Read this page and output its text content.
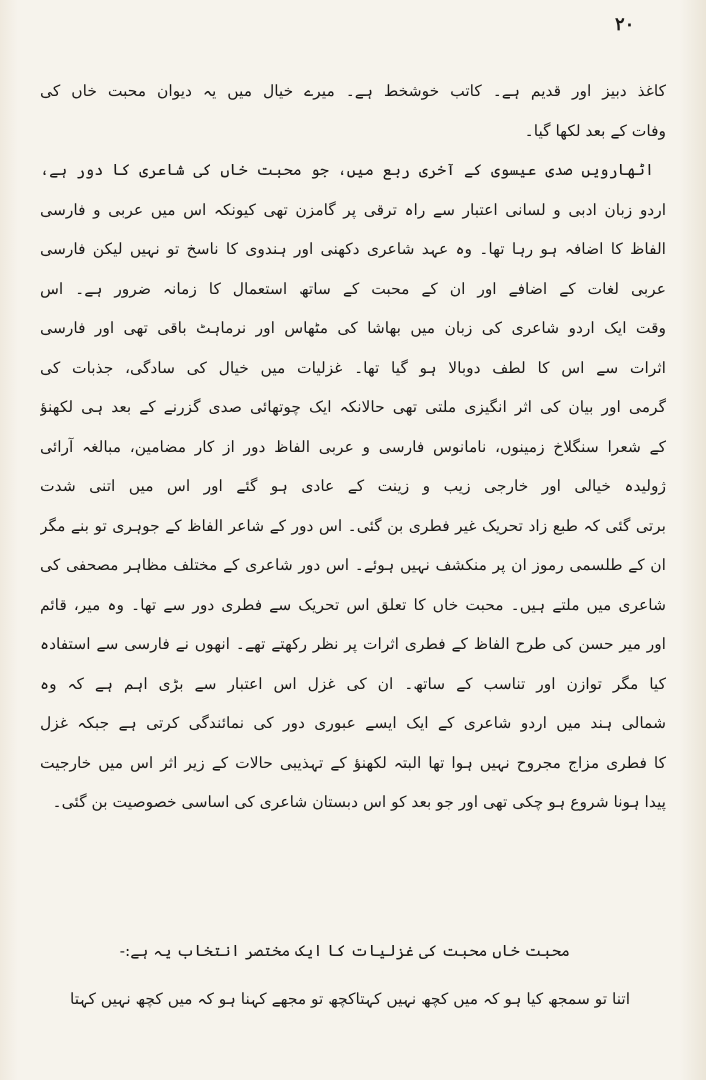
۲۰
کاغذ دبیز اور قدیم ہے۔ کاتب خوشخط ہے۔ میرے خیال میں یہ دیوان محبت خاں کی
وفات کے بعد لکھا گیا۔
اٹھارویں صدی عیسوی کے آخری ربع میں، جو محبت خاں کی شاعری کا دور ہے،
اردو زبان ادبی و لسانی اعتبار سے راہ ترقی پر گامزن تھی کیونکہ اس میں عربی و فارسی
الفاظ کا اضافہ ہو رہا تھا۔ وہ عہد شاعری دکھنی اور ہندوی کا ناسخ تو نہیں لیکن فارسی
عربی لغات کے اضافے اور ان کے محبت کے ساتھ استعمال کا زمانہ ضرور ہے۔ اس
وقت ایک اردو شاعری کی زبان میں بھاشا کی مٹھاس اور نرماہٹ باقی تھی اور فارسی
اثرات سے اس کا لطف دوبالا ہو گیا تھا۔ غزلیات میں خیال کی سادگی، جذبات کی
گرمی اور بیان کی اثر انگیزی ملتی تھی حالانکہ ایک چوتھائی صدی گزرنے کے بعد ہی لکھنؤ
کے شعرا سنگلاخ زمینوں، نامانوس فارسی و عربی الفاظ دور از کار مضامین، مبالغہ آرائی
ژولیدہ خیالی اور خارجی زیب و زینت کے عادی ہو گئے اور اس میں اتنی شدت
برتی گئی کہ طبع زاد تحریک غیر فطری بن گئی۔ اس دور کے شاعر الفاظ کے جوہری تو بنے مگر
ان کے طلسمی رموز ان پر منکشف نہیں ہوئے۔ اس دور شاعری کے مختلف مظاہر مصحفی کی
شاعری میں ملتے ہیں۔ محبت خاں کا تعلق اس تحریک سے فطری دور سے تھا۔ وہ میر، قائم
اور میر حسن کی طرح الفاظ کے فطری اثرات پر نظر رکھتے تھے۔ انھوں نے فارسی سے استفادہ
کیا مگر توازن اور تناسب کے ساتھ۔ ان کی غزل اس اعتبار سے بڑی اہم ہے کہ وہ
شمالی ہند میں اردو شاعری کے ایک ایسے عبوری دور کی نمائندگی کرتی ہے جبکہ غزل
کا فطری مزاج مجروح نہیں ہوا تھا البتہ لکھنؤ کے تہذیبی حالات کے زیر اثر اس میں خارجیت
پیدا ہونا شروع ہو چکی تھی اور جو بعد کو اس دبستان شاعری کی اساسی خصوصیت بن گئی۔
محبت خاں محبت کی غزلیات کا ایک مختصر انتخاب یہ ہے:-
اتنا تو سمجھ کیا ہو کہ میں کچھ نہیں کہتا
کچھ تو مجھے کہنا ہو کہ میں کچھ نہیں کہتا
